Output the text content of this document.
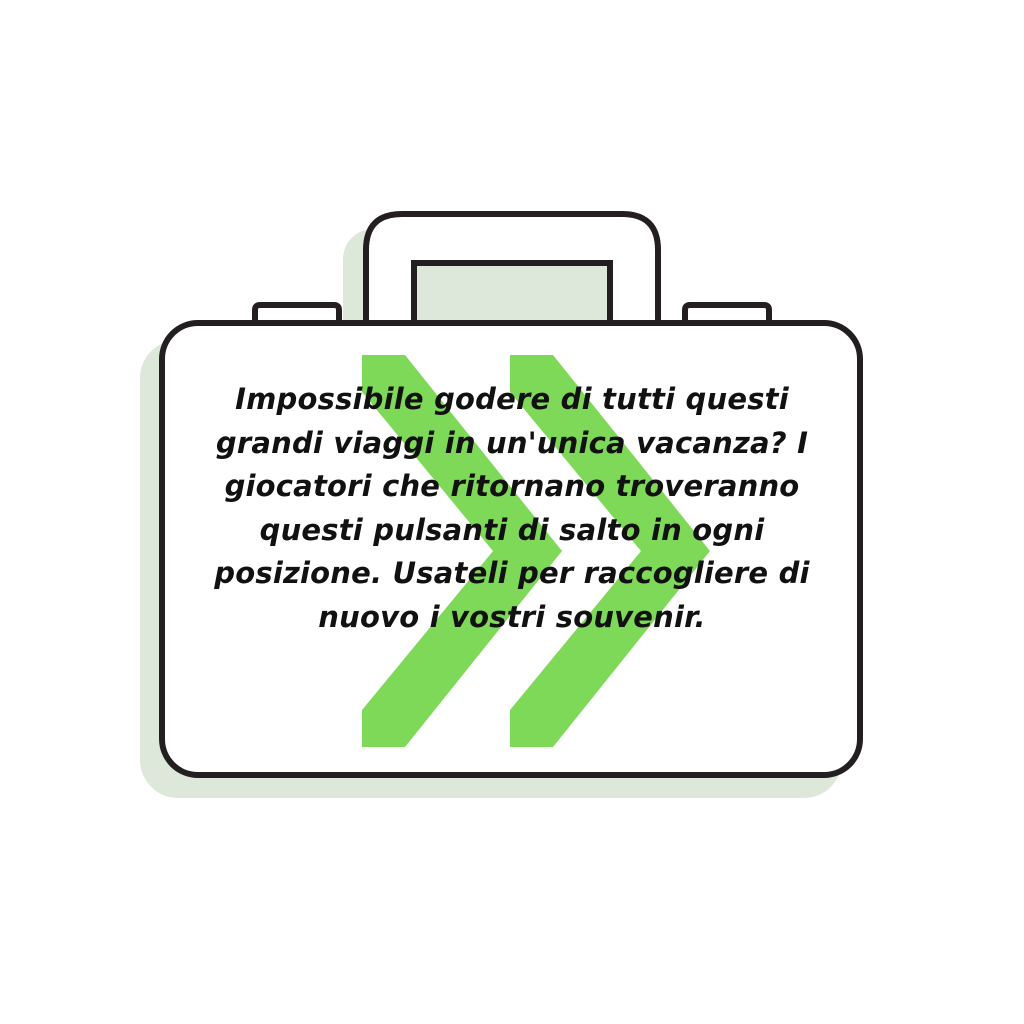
Impossibile godere di tutti questi grandi viaggi in un'unica vacanza? I giocatori che ritornano troveranno questi pulsanti di salto in ogni posizione. Usateli per raccogliere di nuovo i vostri souvenir.
